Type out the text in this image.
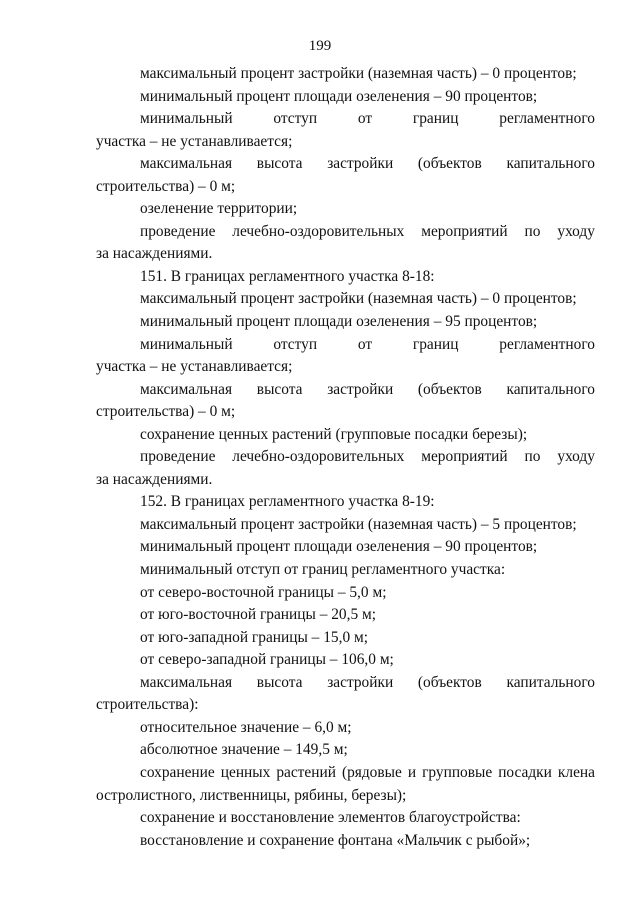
199
максимальный процент застройки (наземная часть) – 0 процентов;
минимальный процент площади озеленения – 90 процентов;
минимальный	отступ	от	границ	регламентного
участка – не устанавливается;
максимальная высота застройки (объектов капитального
строительства) – 0 м;
озеленение территории;
проведение лечебно-оздоровительных мероприятий по уходу
за насаждениями.
151. В границах регламентного участка 8-18:
максимальный процент застройки (наземная часть) – 0 процентов;
минимальный процент площади озеленения – 95 процентов;
минимальный	отступ	от	границ	регламентного
участка – не устанавливается;
максимальная высота застройки (объектов капитального
строительства) – 0 м;
сохранение ценных растений (групповые посадки березы);
проведение лечебно-оздоровительных мероприятий по уходу
за насаждениями.
152. В границах регламентного участка 8-19:
максимальный процент застройки (наземная часть) – 5 процентов;
минимальный процент площади озеленения – 90 процентов;
минимальный отступ от границ регламентного участка:
от северо-восточной границы – 5,0 м;
от юго-восточной границы – 20,5 м;
от юго-западной границы – 15,0 м;
от северо-западной границы – 106,0 м;
максимальная высота застройки (объектов капитального
строительства):
относительное значение – 6,0 м;
абсолютное значение – 149,5 м;
сохранение ценных растений (рядовые и групповые посадки клена
остролистного, лиственницы, рябины, березы);
сохранение и восстановление элементов благоустройства:
восстановление и сохранение фонтана «Мальчик с рыбой»;
